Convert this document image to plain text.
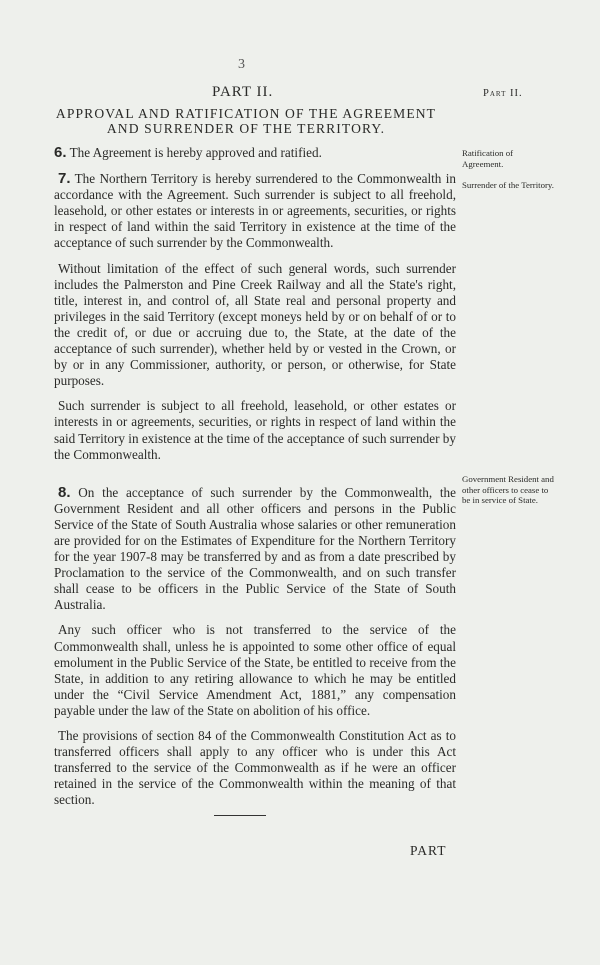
3
PART II.	Part II.
APPROVAL AND RATIFICATION OF THE AGREEMENT
AND SURRENDER OF THE TERRITORY.

6. The Agreement is hereby approved and ratified.

7. The Northern Territory is hereby surrendered to the Commonwealth in accordance with the Agreement. Such surrender is subject to all freehold, leasehold, or other estates or interests in or agreements, securities, or rights in respect of land within the said Territory in existence at the time of the acceptance of such surrender by the Commonwealth.

Without limitation of the effect of such general words, such surrender includes the Palmerston and Pine Creek Railway and all the State's right, title, interest in, and control of, all State real and personal property and privileges in the said Territory (except moneys held by or on behalf of or to the credit of, or due or accruing due to, the State, at the date of the acceptance of such surrender), whether held by or vested in the Crown, or by or in any Commissioner, authority, or person, or otherwise, for State purposes.

Such surrender is subject to all freehold, leasehold, or other estates or interests in or agreements, securities, or rights in respect of land within the said Territory in existence at the time of the acceptance of such surrender by the Commonwealth.

8. On the acceptance of such surrender by the Commonwealth, the Government Resident and all other officers and persons in the Public Service of the State of South Australia whose salaries or other remuneration are provided for on the Estimates of Expenditure for the Northern Territory for the year 1907-8 may be transferred by and as from a date prescribed by Proclamation to the service of the Commonwealth, and on such transfer shall cease to be officers in the Public Service of the State of South Australia.

Any such officer who is not transferred to the service of the Commonwealth shall, unless he is appointed to some other office of equal emolument in the Public Service of the State, be entitled to receive from the State, in addition to any retiring allowance to which he may be entitled under the “Civil Service Amendment Act, 1881,” any compensation payable under the law of the State on abolition of his office.

The provisions of section 84 of the Commonwealth Constitution Act as to transferred officers shall apply to any officer who is under this Act transferred to the service of the Commonwealth as if he were an officer retained in the service of the Commonwealth within the meaning of that section.

Ratification of Agreement.
Surrender of the Territory.
Government Resident and other officers to cease to be in service of State.
PART
